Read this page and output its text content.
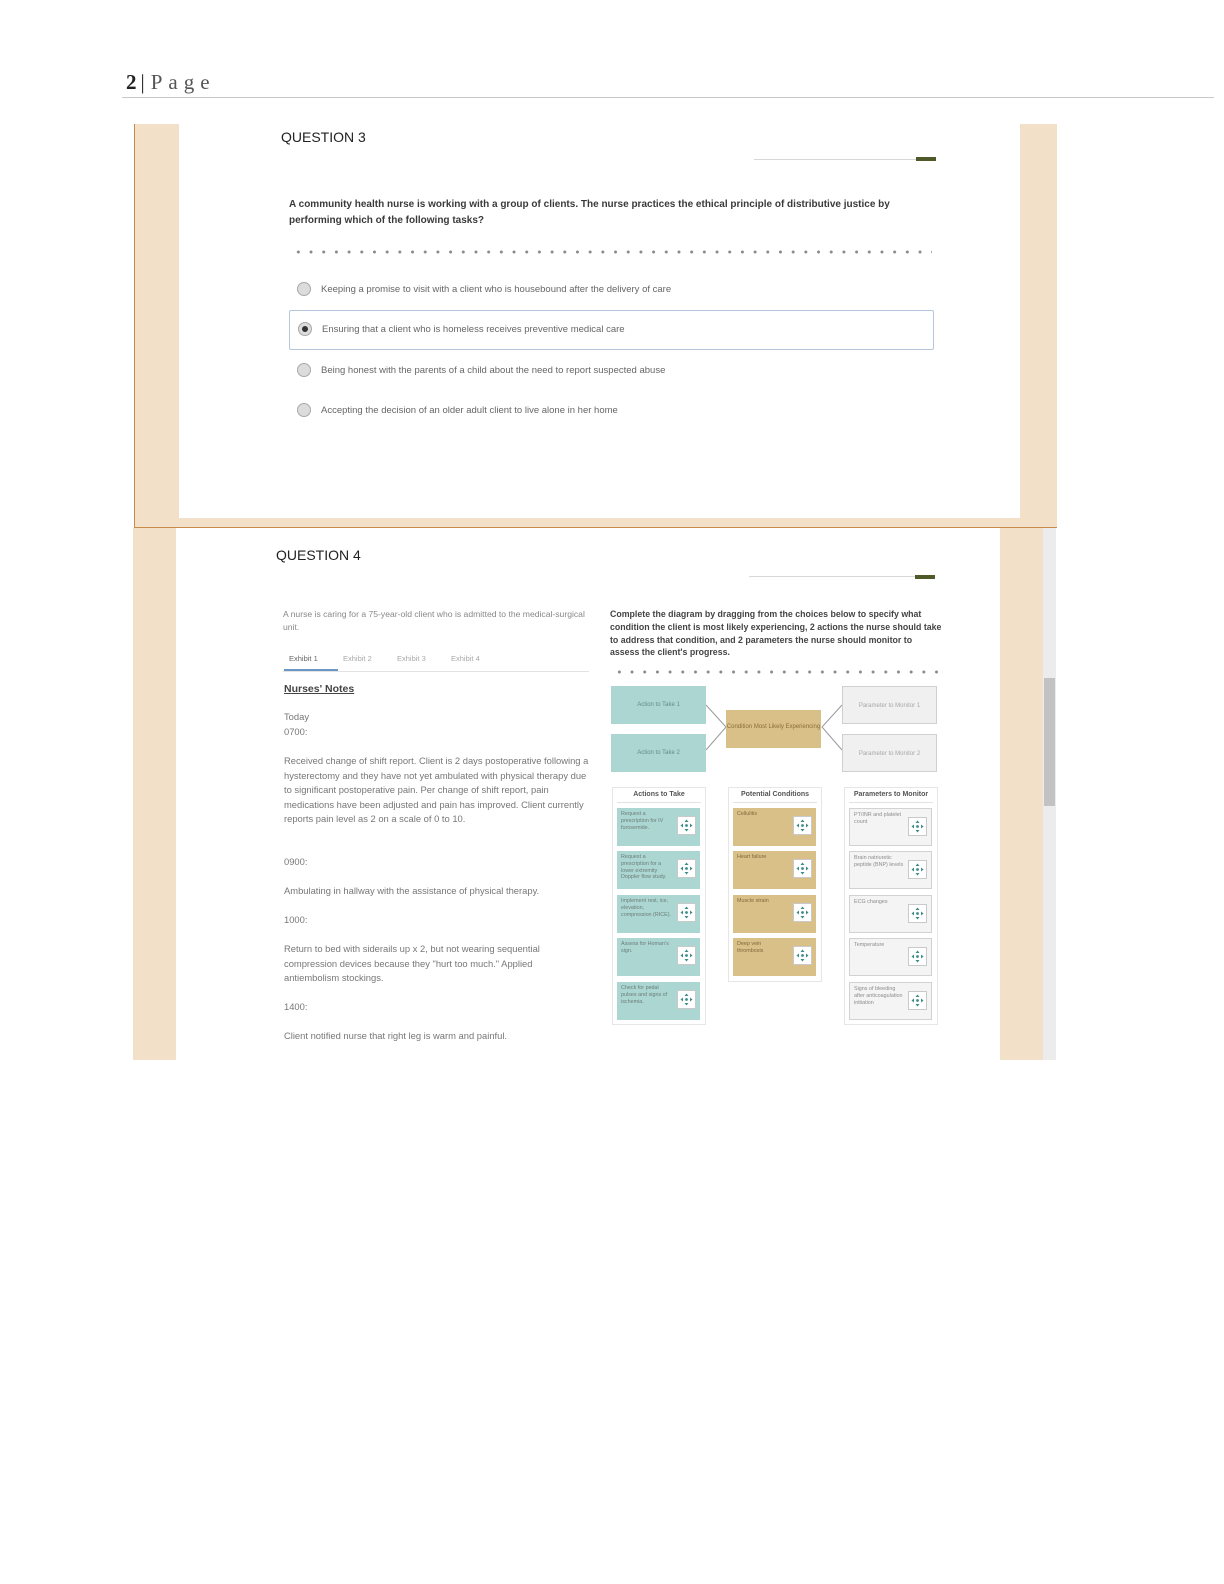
2 | Page
QUESTION 3
A community health nurse is working with a group of clients. The nurse practices the ethical principle of distributive justice by performing which of the following tasks?
Keeping a promise to visit with a client who is housebound after the delivery of care
Ensuring that a client who is homeless receives preventive medical care
Being honest with the parents of a child about the need to report suspected abuse
Accepting the decision of an older adult client to live alone in her home
QUESTION 4
A nurse is caring for a 75-year-old client who is admitted to the medical-surgical unit.
Exhibit 1	Exhibit 2	Exhibit 3	Exhibit 4
Nurses' Notes
Today
0700:
Received change of shift report. Client is 2 days postoperative following a hysterectomy and they have not yet ambulated with physical therapy due to significant postoperative pain. Per change of shift report, pain medications have been adjusted and pain has improved. Client currently reports pain level as 2 on a scale of 0 to 10.
0900:
Ambulating in hallway with the assistance of physical therapy.
1000:
Return to bed with siderails up x 2, but not wearing sequential compression devices because they "hurt too much." Applied antiembolism stockings.
1400:
Client notified nurse that right leg is warm and painful.
Complete the diagram by dragging from the choices below to specify what condition the client is most likely experiencing, 2 actions the nurse should take to address that condition, and 2 parameters the nurse should monitor to assess the client's progress.
Action to Take 1
Action to Take 2
Condition Most Likely Experiencing
Parameter to Monitor 1
Parameter to Monitor 2
Actions to Take
Request a prescription for IV furosemide.
Request a prescription for a lower extremity Doppler flow study.
Implement rest, ice, elevation, compression (RICE).
Assess for Homan's sign.
Check for pedal pulses and signs of ischemia.
Potential Conditions
Cellulitis
Heart failure
Muscle strain
Deep vein thrombosis
Parameters to Monitor
PT/INR and platelet count
Brain natriuretic peptide (BNP) levels
ECG changes
Temperature
Signs of bleeding after anticoagulation initiation
